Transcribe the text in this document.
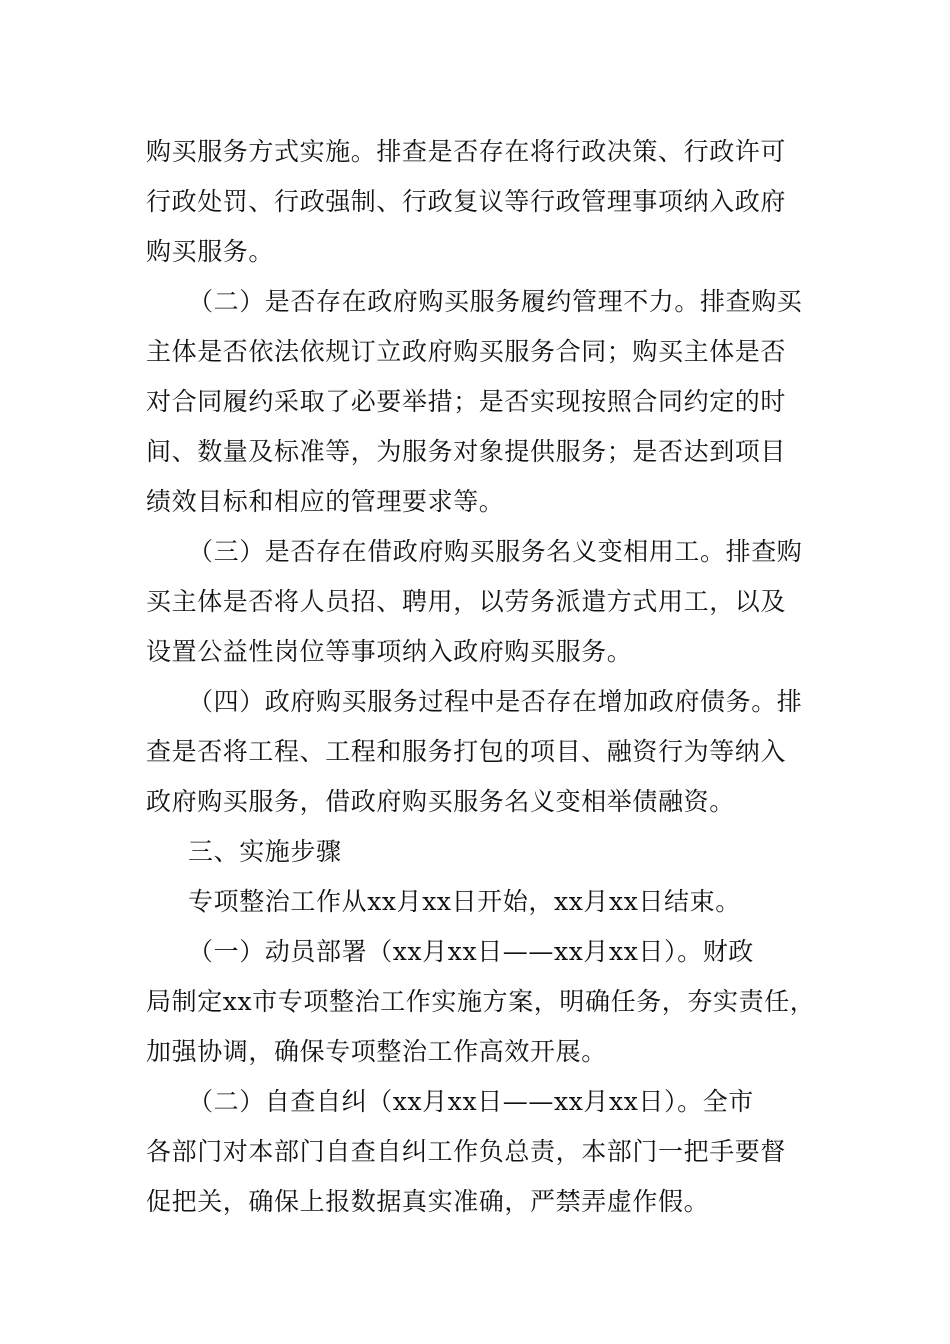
购买服务方式实施。排查是否存在将行政决策、行政许可
行政处罚、行政强制、行政复议等行政管理事项纳入政府
购买服务。
（二）是否存在政府购买服务履约管理不力。排查购买
主体是否依法依规订立政府购买服务合同；购买主体是否
对合同履约采取了必要举措；是否实现按照合同约定的时
间、数量及标准等，为服务对象提供服务；是否达到项目
绩效目标和相应的管理要求等。
（三）是否存在借政府购买服务名义变相用工。排查购
买主体是否将人员招、聘用，以劳务派遣方式用工，以及
设置公益性岗位等事项纳入政府购买服务。
（四）政府购买服务过程中是否存在增加政府债务。排
查是否将工程、工程和服务打包的项目、融资行为等纳入
政府购买服务，借政府购买服务名义变相举债融资。
三、实施步骤
专项整治工作从xx月xx日开始，xx月xx日结束。
（一）动员部署（xx月xx日——xx月xx日）。财政
局制定xx市专项整治工作实施方案，明确任务，夯实责任，
加强协调，确保专项整治工作高效开展。
（二）自查自纠（xx月xx日——xx月xx日）。全市
各部门对本部门自查自纠工作负总责，本部门一把手要督
促把关，确保上报数据真实准确，严禁弄虚作假。
